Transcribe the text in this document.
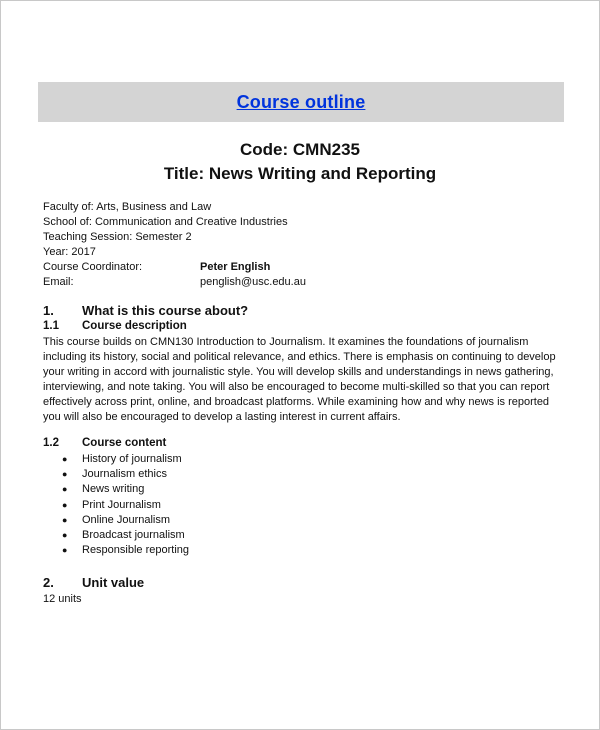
Course outline
Code: CMN235
Title: News Writing and Reporting
Faculty of: Arts, Business and Law
School of: Communication and Creative Industries
Teaching Session: Semester 2
Year: 2017
Course Coordinator:	Peter English
Email:	penglish@usc.edu.au
1.	What is this course about?
1.1	Course description
This course builds on CMN130 Introduction to Journalism. It examines the foundations of journalism including its history, social and political relevance, and ethics. There is emphasis on continuing to develop your writing in accord with journalistic style. You will develop skills and understandings in news gathering, interviewing, and note taking. You will also be encouraged to become multi-skilled so that you can report effectively across print, online, and broadcast platforms. While examining how and why news is reported you will also be encouraged to develop a lasting interest in current affairs.
1.2	Course content
●	History of journalism
●	Journalism ethics
●	News writing
●	Print Journalism
●	Online Journalism
●	Broadcast journalism
●	Responsible reporting
2.	Unit value
12 units
